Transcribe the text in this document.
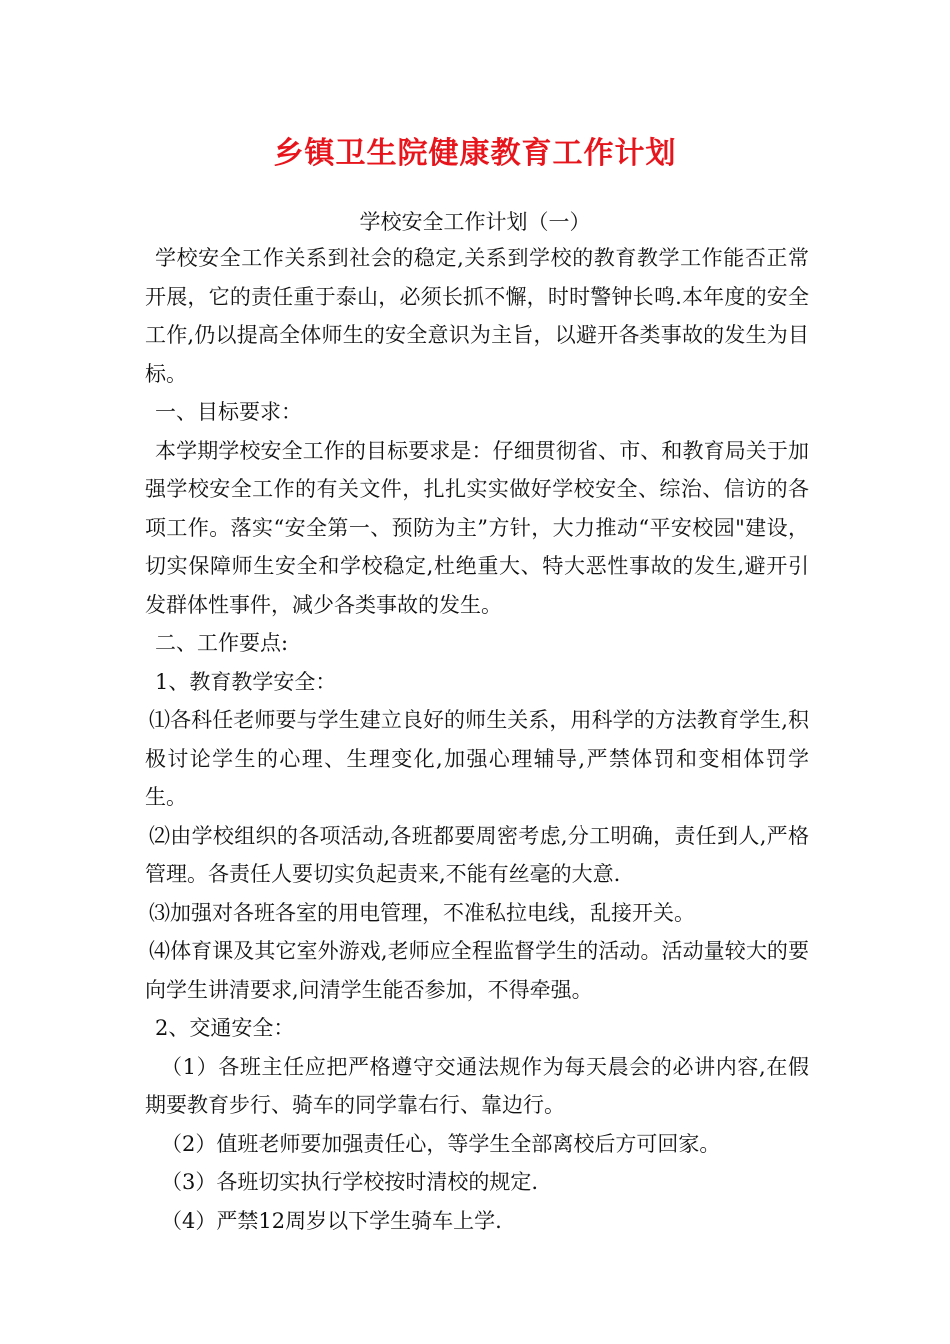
乡镇卫生院健康教育工作计划
学校安全工作计划（一）

学校安全工作关系到社会的稳定,关系到学校的教育教学工作能否正常开展，它的责任重于泰山，必须长抓不懈，时时警钟长鸣.本年度的安全工作,仍以提高全体师生的安全意识为主旨，以避开各类事故的发生为目标。

一、目标要求：

本学期学校安全工作的目标要求是：仔细贯彻省、市、和教育局关于加强学校安全工作的有关文件，扎扎实实做好学校安全、综治、信访的各项工作。落实“安全第一、预防为主”方针，大力推动“平安校园"建设，切实保障师生安全和学校稳定,杜绝重大、特大恶性事故的发生,避开引发群体性事件，减少各类事故的发生。

二、工作要点:

1、教育教学安全：

⑴各科任老师要与学生建立良好的师生关系，用科学的方法教育学生,积极讨论学生的心理、生理变化,加强心理辅导,严禁体罚和变相体罚学生。

⑵由学校组织的各项活动,各班都要周密考虑,分工明确，责任到人,严格管理。各责任人要切实负起责来,不能有丝毫的大意.

⑶加强对各班各室的用电管理，不准私拉电线，乱接开关。

⑷体育课及其它室外游戏,老师应全程监督学生的活动。活动量较大的要向学生讲清要求,问清学生能否参加，不得牵强。

2、交通安全：

（1）各班主任应把严格遵守交通法规作为每天晨会的必讲内容,在假期要教育步行、骑车的同学靠右行、靠边行。

（2）值班老师要加强责任心，等学生全部离校后方可回家。

（3）各班切实执行学校按时清校的规定.

（4）严禁12周岁以下学生骑车上学.
